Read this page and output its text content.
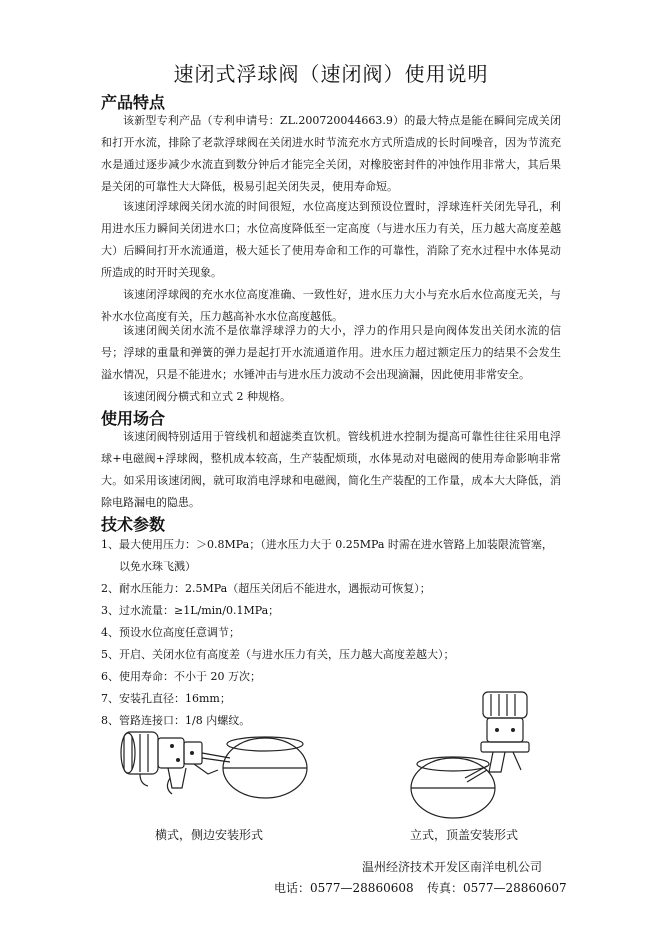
速闭式浮球阀（速闭阀）使用说明
产品特点

该新型专利产品（专利申请号：ZL.200720044663.9）的最大特点是能在瞬间完成关闭和打开水流，排除了老款浮球阀在关闭进水时节流充水方式所造成的长时间噪音，因为节流充水是通过逐步减少水流直到数分钟后才能完全关闭，对橡胶密封件的冲蚀作用非常大，其后果是关闭的可靠性大大降低，极易引起关闭失灵，使用寿命短。

该速闭浮球阀关闭水流的时间很短，水位高度达到预设位置时，浮球连杆关闭先导孔，利用进水压力瞬间关闭进水口；水位高度降低至一定高度（与进水压力有关，压力越大高度差越大）后瞬间打开水流通道，极大延长了使用寿命和工作的可靠性，消除了充水过程中水体晃动所造成的时开时关现象。

该速闭浮球阀的充水水位高度准确、一致性好，进水压力大小与充水后水位高度无关，与补水水位高度有关，压力越高补水水位高度越低。

该速闭阀关闭水流不是依靠浮球浮力的大小，浮力的作用只是向阀体发出关闭水流的信号；浮球的重量和弹簧的弹力是起打开水流通道作用。进水压力超过额定压力的结果不会发生溢水情况，只是不能进水；水锤冲击与进水压力波动不会出现滴漏，因此使用非常安全。

该速闭阀分横式和立式 2 种规格。

使用场合

该速闭阀特别适用于管线机和超滤类直饮机。管线机进水控制为提高可靠性往往采用电浮球+电磁阀+浮球阀，整机成本较高，生产装配烦琐，水体晃动对电磁阀的使用寿命影响非常大。如采用该速闭阀，就可取消电浮球和电磁阀，简化生产装配的工作量，成本大大降低，消除电路漏电的隐患。

技术参数
1、最大使用压力：＞0.8MPa；（进水压力大于 0.25MPa 时需在进水管路上加装限流管塞，
以免水珠飞溅）
2、耐水压能力：2.5MPa（超压关闭后不能进水，遇振动可恢复）；
3、过水流量：≥1L/min/0.1MPa；
4、预设水位高度任意调节；
5、开启、关闭水位有高度差（与进水压力有关，压力越大高度差越大）；
6、使用寿命：不小于 20 万次；
7、安装孔直径：16mm；
8、管路连接口：1/8 内螺纹。
横式，侧边安装形式	立式，顶盖安装形式
温州经济技术开发区南洋电机公司
电话：0577—28860608 传真：0577—28860607
